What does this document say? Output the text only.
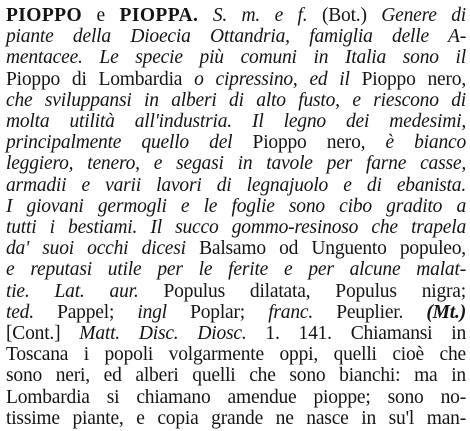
PIOPPO e PIOPPA. S. m. e f. (Bot.) Genere di
piante della Dioecia Ottandria, famiglia delle A-
mentacee. Le specie più comuni in Italia sono il
Pioppo di Lombardia o cipressino, ed il Pioppo nero,
che sviluppansi in alberi di alto fusto, e riescono di
molta utilità all'industria. Il legno dei medesimi,
principalmente quello del Pioppo nero, è bianco
leggiero, tenero, e segasi in tavole per farne casse,
armadii e varii lavori di legnajuolo e di ebanista.
I giovani germogli e le foglie sono cibo gradito a
tutti i bestiami. Il succo gommo-resinoso che trapela
da' suoi occhi dicesi Balsamo od Unguento populeo,
e reputasi utile per le ferite e per alcune malat-
tie. Lat. aur. Populus dilatata, Populus nigra;
ted. Pappel; ingl Poplar; franc. Peuplier. (Mt.)
[Cont.] Matt. Disc. Diosc. 1. 141. Chiamansi in
Toscana i popoli volgarmente oppi, quelli cioè che
sono neri, ed alberi quelli che sono bianchi: ma in
Lombardia si chiamano amendue pioppe; sono no-
tissime piante, e copia grande ne nasce in su'l man-
